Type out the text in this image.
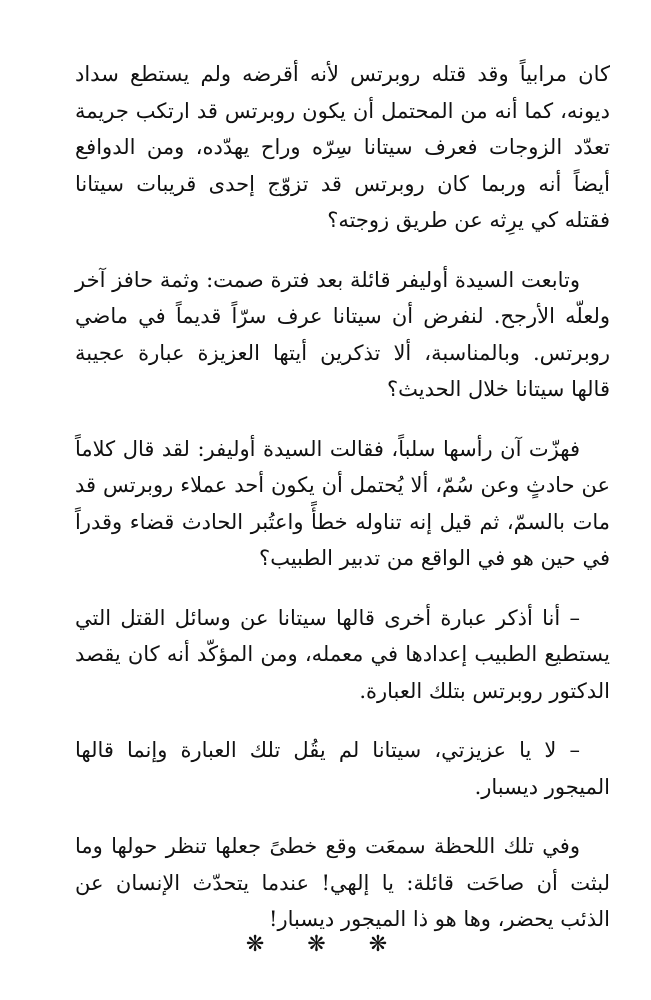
كان مرابياً وقد قتله روبرتس لأنه أقرضه ولم يستطع سداد ديونه، كما أنه من المحتمل أن يكون روبرتس قد ارتكب جريمة تعدّد الزوجات فعرف سيتانا سِرّه وراح يهدّده، ومن الدوافع أيضاً أنه وربما كان روبرتس قد تزوّج إحدى قريبات سيتانا فقتله كي يرِثه عن طريق زوجته؟

وتابعت السيدة أوليفر قائلة بعد فترة صمت: وثمة حافز آخر ولعلّه الأرجح. لنفرض أن سيتانا عرف سرّاً قديماً في ماضي روبرتس. وبالمناسبة، ألا تذكرين أيتها العزيزة عبارة عجيبة قالها سيتانا خلال الحديث؟

فهزّت آن رأسها سلباً، فقالت السيدة أوليفر: لقد قال كلاماً عن حادثٍ وعن سُمّ، ألا يُحتمل أن يكون أحد عملاء روبرتس قد مات بالسمّ، ثم قيل إنه تناوله خطأً واعتُبر الحادث قضاء وقدراً في حين هو في الواقع من تدبير الطبيب؟

– أنا أذكر عبارة أخرى قالها سيتانا عن وسائل القتل التي يستطيع الطبيب إعدادها في معمله، ومن المؤكّد أنه كان يقصد الدكتور روبرتس بتلك العبارة.

– لا يا عزيزتي، سيتانا لم يقُل تلك العبارة وإنما قالها الميجور ديسبار.

وفي تلك اللحظة سمعَت وقع خطىً جعلها تنظر حولها وما لبثت أن صاحَت قائلة: يا إلهي! عندما يتحدّث الإنسان عن الذئب يحضر، وها هو ذا الميجور ديسبار!

❋ ❋ ❋
